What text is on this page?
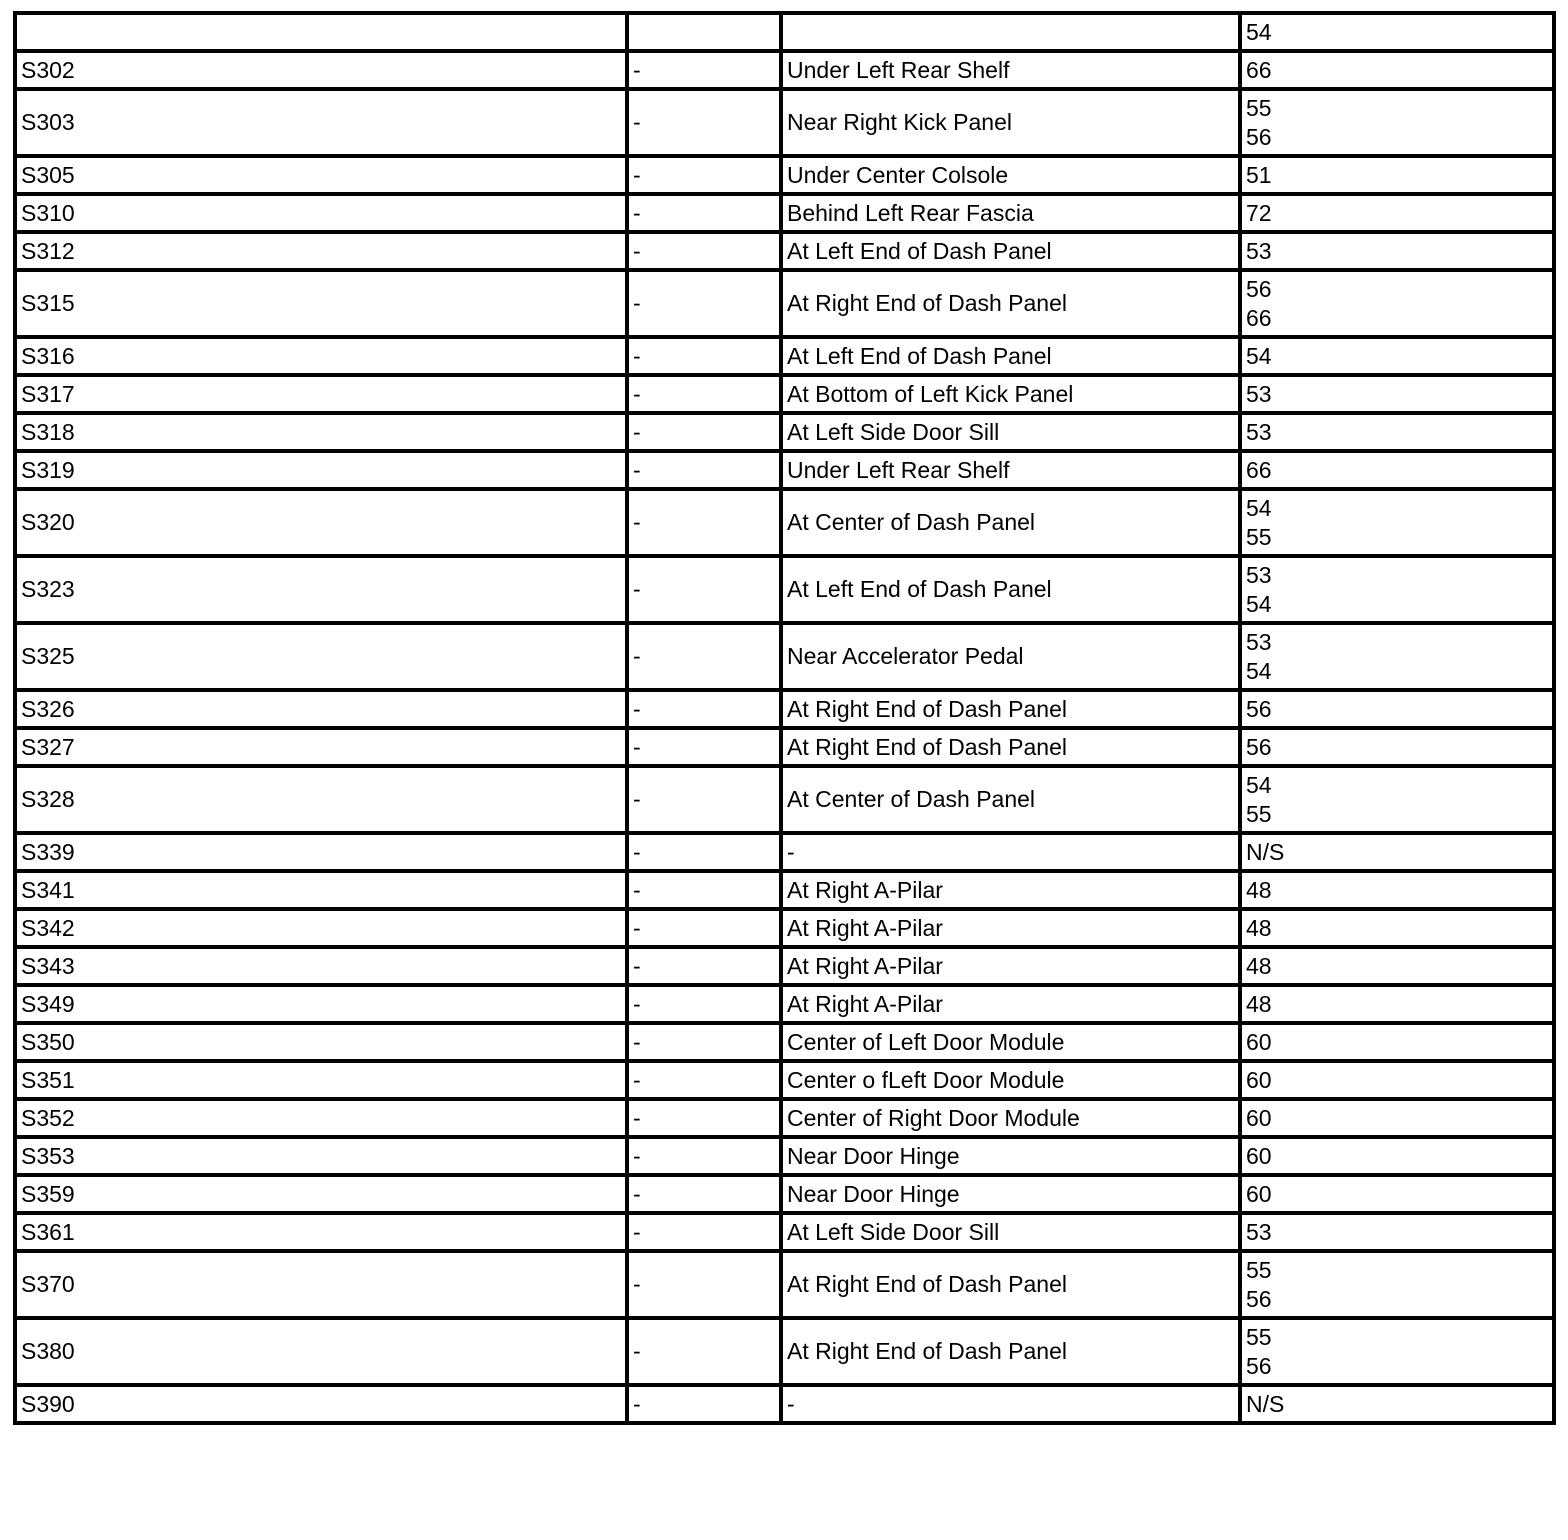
			54

S302	-	Under Left Rear Shelf	66

S303	-	Near Right Kick Panel	55
56

S305	-	Under Center Colsole	51

S310	-	Behind Left Rear Fascia	72

S312	-	At Left End of Dash Panel	53

S315	-	At Right End of Dash Panel	56
66

S316	-	At Left End of Dash Panel	54

S317	-	At Bottom of Left Kick Panel	53

S318	-	At Left Side Door Sill	53

S319	-	Under Left Rear Shelf	66

S320	-	At Center of Dash Panel	54
55

S323	-	At Left End of Dash Panel	53
54

S325	-	Near Accelerator Pedal	53
54

S326	-	At Right End of Dash Panel	56

S327	-	At Right End of Dash Panel	56

S328	-	At Center of Dash Panel	54
55

S339	-	-	N/S

S341	-	At Right A-Pilar	48

S342	-	At Right A-Pilar	48

S343	-	At Right A-Pilar	48

S349	-	At Right A-Pilar	48

S350	-	Center of Left Door Module	60

S351	-	Center o fLeft Door Module	60

S352	-	Center of Right Door Module	60

S353	-	Near Door Hinge	60

S359	-	Near Door Hinge	60

S361	-	At Left Side Door Sill	53

S370	-	At Right End of Dash Panel	55
56

S380	-	At Right End of Dash Panel	55
56

S390	-	-	N/S
